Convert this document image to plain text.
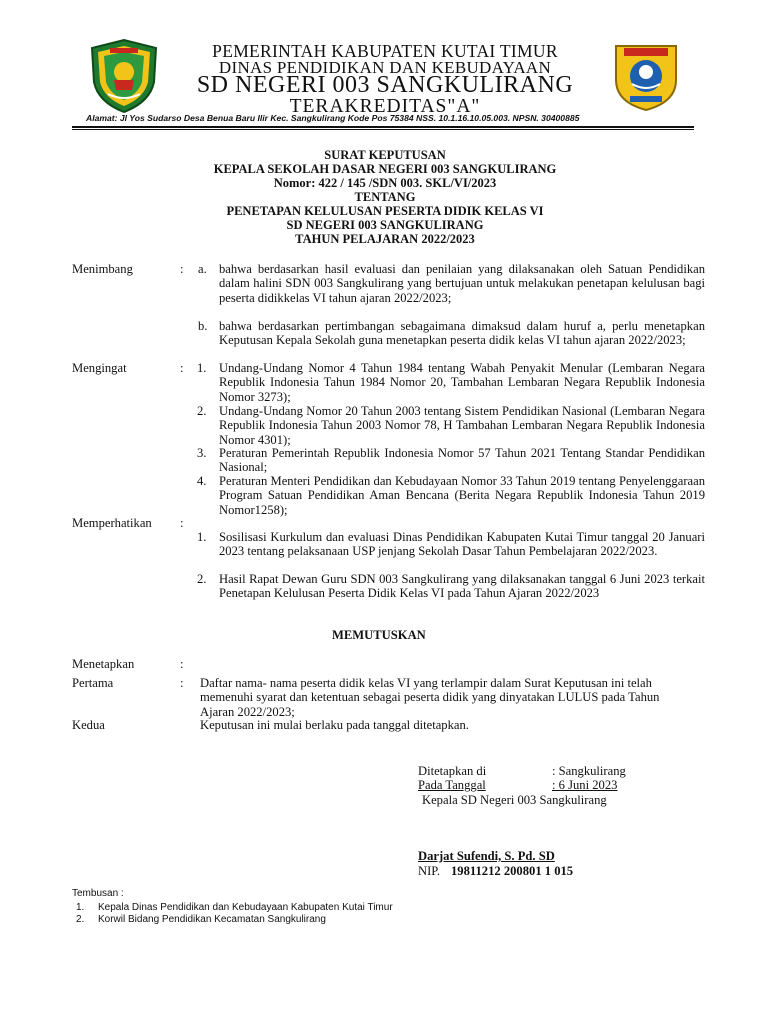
PEMERINTAH KABUPATEN KUTAI TIMUR
DINAS PENDIDIKAN DAN KEBUDAYAAN
SD NEGERI 003 SANGKULIRANG
TERAKREDITAS"A"
Alamat: Jl Yos Sudarso Desa Benua Baru Ilir Kec. Sangkulirang Kode Pos 75384 NSS. 10.1.16.10.05.003. NPSN. 30400885
SURAT KEPUTUSAN
KEPALA SEKOLAH DASAR NEGERI 003 SANGKULIRANG
Nomor: 422 / 145 /SDN 003. SKL/VI/2023
TENTANG
PENETAPAN KELULUSAN PESERTA DIDIK KELAS VI
SD NEGERI 003 SANGKULIRANG
TAHUN PELAJARAN 2022/2023
Menimbang	: a. bahwa berdasarkan hasil evaluasi dan penilaian yang dilaksanakan oleh Satuan Pendidikan dalam halini SDN 003 Sangkulirang yang bertujuan untuk melakukan penetapan kelulusan bagi peserta didikkelas VI tahun ajaran 2022/2023;
b. bahwa berdasarkan pertimbangan sebagaimana dimaksud dalam huruf a, perlu menetapkan Keputusan Kepala Sekolah guna menetapkan peserta didik kelas VI tahun ajaran 2022/2023;
Mengingat	: 1. Undang-Undang Nomor 4 Tahun 1984 tentang Wabah Penyakit Menular (Lembaran Negara Republik Indonesia Tahun 1984 Nomor 20, Tambahan Lembaran Negara Republik Indonesia Nomor 3273);
2. Undang-Undang Nomor 20 Tahun 2003 tentang Sistem Pendidikan Nasional (Lembaran Negara Republik Indonesia Tahun 2003 Nomor 78, H Tambahan Lembaran Negara Republik Indonesia Nomor 4301);
3. Peraturan Pemerintah Republik Indonesia Nomor 57 Tahun 2021 Tentang Standar Pendidikan Nasional;
4. Peraturan Menteri Pendidikan dan Kebudayaan Nomor 33 Tahun 2019 tentang Penyelenggaraan Program Satuan Pendidikan Aman Bencana (Berita Negara Republik Indonesia Tahun 2019 Nomor1258);
Memperhatikan :
1. Sosilisasi Kurkulum dan evaluasi Dinas Pendidikan Kabupaten Kutai Timur tanggal 20 Januari 2023 tentang pelaksanaan USP jenjang Sekolah Dasar Tahun Pembelajaran 2022/2023.
2. Hasil Rapat Dewan Guru SDN 003 Sangkulirang yang dilaksanakan tanggal 6 Juni 2023 terkait Penetapan Kelulusan Peserta Didik Kelas VI pada Tahun Ajaran 2022/2023
MEMUTUSKAN
Menetapkan	:
Pertama	: Daftar nama- nama peserta didik kelas VI yang terlampir dalam Surat Keputusan ini telah memenuhi syarat dan ketentuan sebagai peserta didik yang dinyatakan LULUS pada Tahun Ajaran 2022/2023;
Kedua	Keputusan ini mulai berlaku pada tanggal ditetapkan.
Ditetapkan di	: Sangkulirang
Pada Tanggal	: 6 Juni 2023
Kepala SD Negeri 003 Sangkulirang
Darjat Sufendi, S. Pd. SD
NIP. 19811212 200801 1 015
Tembusan :
1. Kepala Dinas Pendidikan dan Kebudayaan Kabupaten Kutai Timur
2. Korwil Bidang Pendidikan Kecamatan Sangkulirang
